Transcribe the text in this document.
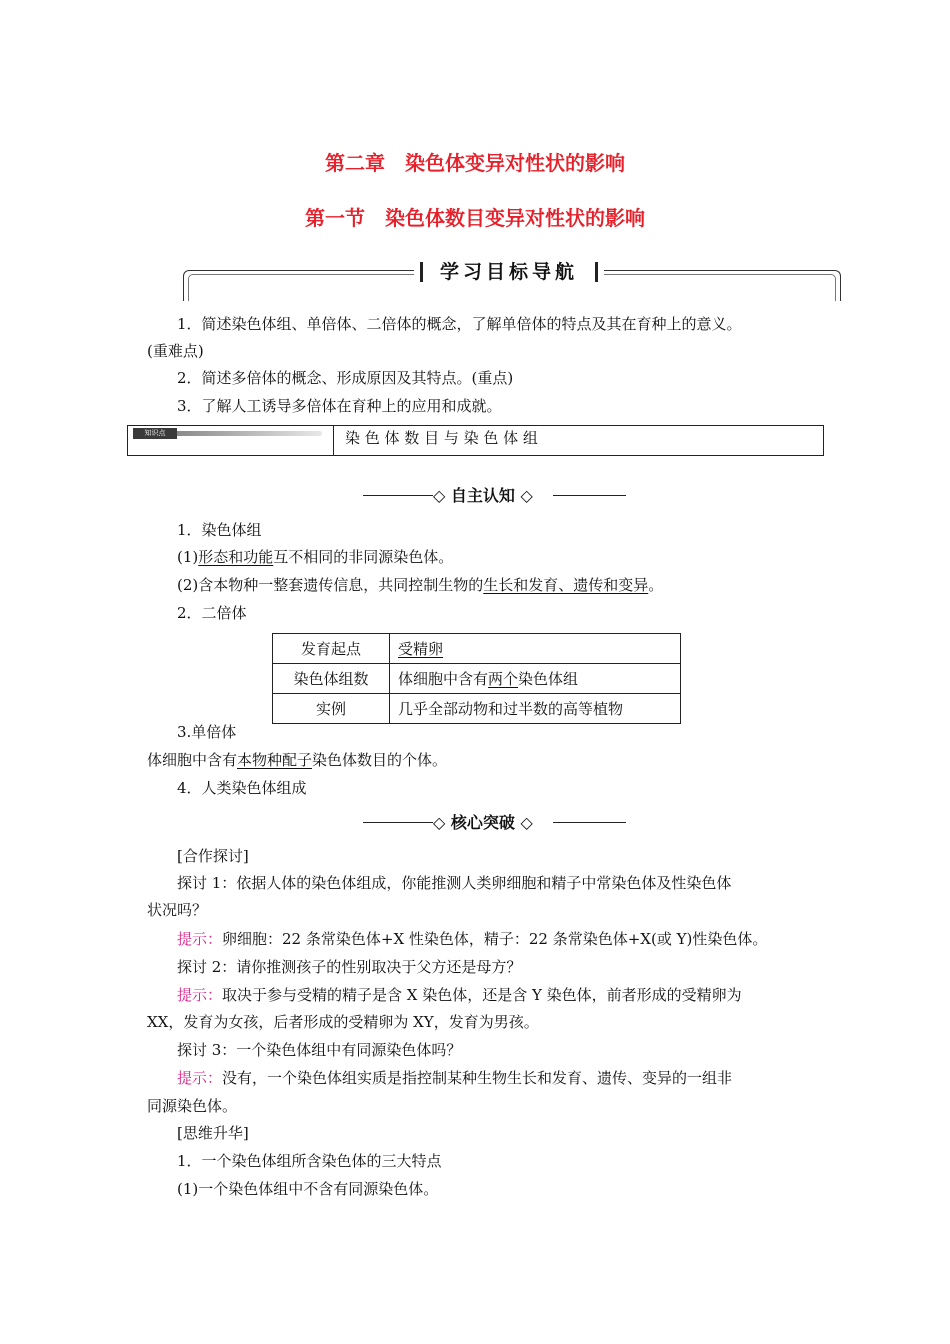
第二章　染色体变异对性状的影响
第一节　染色体数目变异对性状的影响
学习目标导航
1．简述染色体组、单倍体、二倍体的概念，了解单倍体的特点及其在育种上的意义。
(重难点)
2．简述多倍体的概念、形成原因及其特点。(重点)
3．了解人工诱导多倍体在育种上的应用和成就。
知识点	染 色 体 数 目 与 染 色 体 组
◇ 自主认知 ◇
1．染色体组
(1)形态和功能互不相同的非同源染色体。
(2)含本物种一整套遗传信息，共同控制生物的生长和发育、遗传和变异。
2．二倍体
发育起点	受精卵
染色体组数	体细胞中含有两个染色体组
实例	几乎全部动物和过半数的高等植物
3.单倍体
体细胞中含有本物种配子染色体数目的个体。
4．人类染色体组成
◇ 核心突破 ◇
[合作探讨]
探讨 1：依据人体的染色体组成，你能推测人类卵细胞和精子中常染色体及性染色体
状况吗？
提示：卵细胞：22 条常染色体+X 性染色体，精子：22 条常染色体+X(或 Y)性染色体。
探讨 2：请你推测孩子的性别取决于父方还是母方？
提示：取决于参与受精的精子是含 X 染色体，还是含 Y 染色体，前者形成的受精卵为
XX，发育为女孩，后者形成的受精卵为 XY，发育为男孩。
探讨 3：一个染色体组中有同源染色体吗？
提示：没有，一个染色体组实质是指控制某种生物生长和发育、遗传、变异的一组非
同源染色体。
[思维升华]
1．一个染色体组所含染色体的三大特点
(1)一个染色体组中不含有同源染色体。
